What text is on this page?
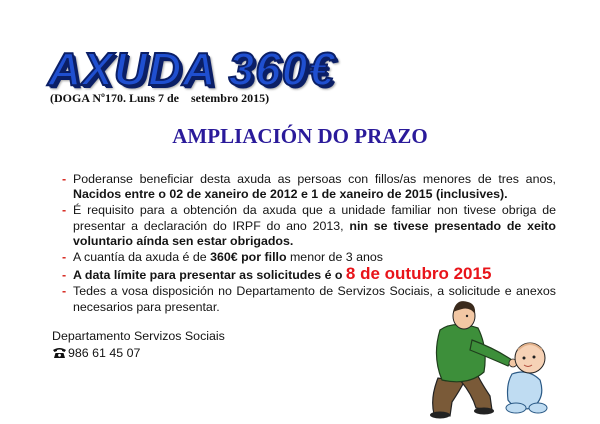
AXUDA 360€
(DOGA Nº170. Luns 7 de    setembro 2015)
AMPLIACIÓN DO PRAZO
- Poderanse beneficiar desta axuda as persoas con fillos/as menores de tres anos, Nacidos entre o 02 de xaneiro de 2012 e 1 de xaneiro de 2015 (inclusives).
- É requisito para a obtención da axuda que a unidade familiar non tivese obriga de presentar a declaración do IRPF do ano 2013, nin se tivese presentado de xeito voluntario aínda sen estar obrigados.
- A cuantía da axuda é de 360€ por fillo menor de 3 anos
- A data límite para presentar as solicitudes é o 8 de outubro 2015
- Tedes a vosa disposición no Departamento de Servizos Sociais, a solicitude e anexos necesarios para presentar.
Departamento Servizos Sociais
986 61 45 07
